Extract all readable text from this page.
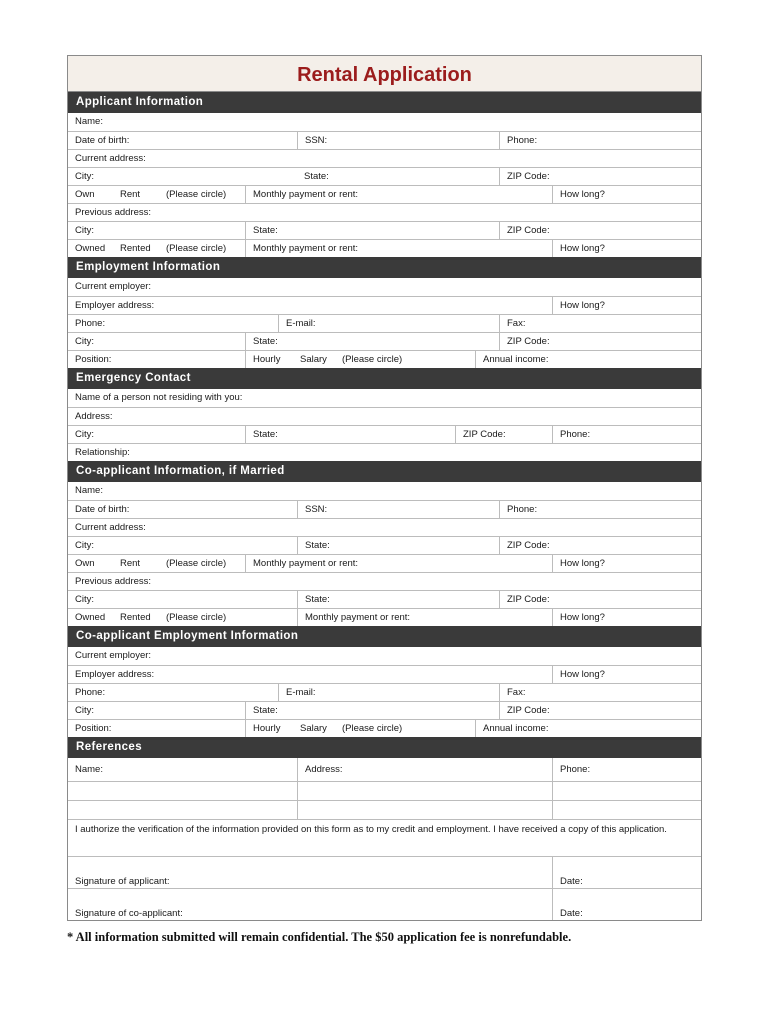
Rental Application
Applicant Information
Name:
Date of birth:	SSN:	Phone:
Current address:
City:	State:	ZIP Code:
Own	Rent	(Please circle)	Monthly payment or rent:	How long?
Previous address:
City:	State:	ZIP Code:
Owned	Rented	(Please circle)	Monthly payment or rent:	How long?
Employment Information
Current employer:
Employer address:	How long?
Phone:	E-mail:	Fax:
City:	State:	ZIP Code:
Position:	Hourly	Salary	(Please circle)	Annual income:
Emergency Contact
Name of a person not residing with you:
Address:
City:	State:	ZIP Code:	Phone:
Relationship:
Co-applicant Information, if Married
Name:
Date of birth:	SSN:	Phone:
Current address:
City:	State:	ZIP Code:
Own	Rent	(Please circle)	Monthly payment or rent:	How long?
Previous address:
City:	State:	ZIP Code:
Owned	Rented	(Please circle)	Monthly payment or rent:	How long?
Co-applicant Employment Information
Current employer:
Employer address:	How long?
Phone:	E-mail:	Fax:
City:	State:	ZIP Code:
Position:	Hourly	Salary	(Please circle)	Annual income:
References
Name:	Address:	Phone:
I authorize the verification of the information provided on this form as to my credit and employment. I have received a copy of this application.
Signature of applicant:	Date:
Signature of co-applicant:	Date:
* All information submitted will remain confidential. The $50 application fee is nonrefundable.
